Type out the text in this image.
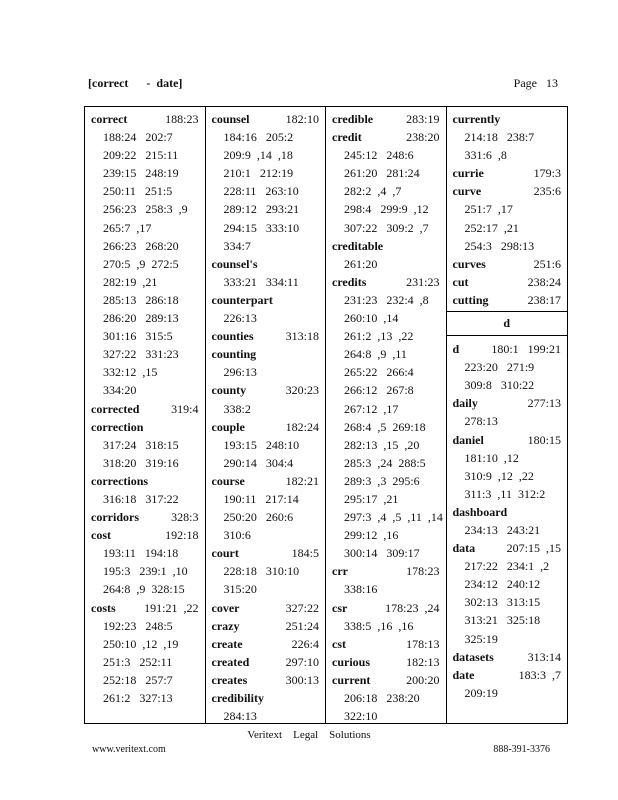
[correct      -  date]	Page   13
correct	188:23
188:24   202:7
209:22   215:11
239:15   248:19
250:11   251:5
256:23   258:3  ,9
265:7  ,17
266:23   268:20
270:5  ,9  272:5
282:19  ,21
285:13   286:18
286:20   289:13
301:16   315:5
327:22   331:23
332:12  ,15
334:20
corrected	319:4
correction
317:24   318:15
318:20   319:16
corrections
316:18   317:22
corridors	328:3
cost	192:18
193:11   194:18
195:3   239:1  ,10
264:8  ,9  328:15
costs 191:21  ,22
192:23   248:5
250:10  ,12  ,19
251:3   252:11
252:18   257:7
261:2   327:13
counsel	182:10
184:16   205:2
209:9  ,14  ,18
210:1   212:19
228:11   263:10
289:12   293:21
294:15   333:10
334:7
counsel's
333:21   334:11
counterpart
226:13
counties	313:18
counting
296:13
county	320:23
338:2
couple	182:24
193:15   248:10
290:14   304:4
course	182:21
190:11   217:14
250:20   260:6
310:6
court	184:5
228:18   310:10
315:20
cover	327:22
crazy	251:24
create	226:4
created	297:10
creates	300:13
credibility
284:13
credible	283:19
credit	238:20
245:12   248:6
261:20   281:24
282:2  ,4  ,7
298:4   299:9  ,12
307:22   309:2  ,7
creditable
261:20
credits	231:23
231:23   232:4  ,8
260:10  ,14
261:2  ,13  ,22
264:8  ,9  ,11
265:22   266:4
266:12   267:8
267:12  ,17
268:4  ,5  269:18
282:13  ,15  ,20
285:3  ,24  288:5
289:3  ,3  295:6
295:17  ,21
297:3  ,4  ,5  ,11  ,14
299:12  ,16
300:14   309:17
crr	178:23
338:16
csr	178:23  ,24
338:5  ,16  ,16
cst	178:13
curious	182:13
current	200:20
206:18   238:20
322:10
currently
214:18   238:7
331:6  ,8
currie	179:3
curve	235:6
251:7  ,17
252:17  ,21
254:3   298:13
curves	251:6
cut	238:24
cutting	238:17
d
d	180:1   199:21
223:20   271:9
309:8   310:22
daily	277:13
278:13
daniel	180:15
181:10  ,12
310:9  ,12  ,22
311:3  ,11  312:2
dashboard
234:13   243:21
data	207:15  ,15
217:22   234:1  ,2
234:12   240:12
302:13   313:15
313:21   325:18
325:19
datasets	313:14
date	183:3  ,7
209:19
Veritext    Legal    Solutions
www.veritext.com	888-391-3376
